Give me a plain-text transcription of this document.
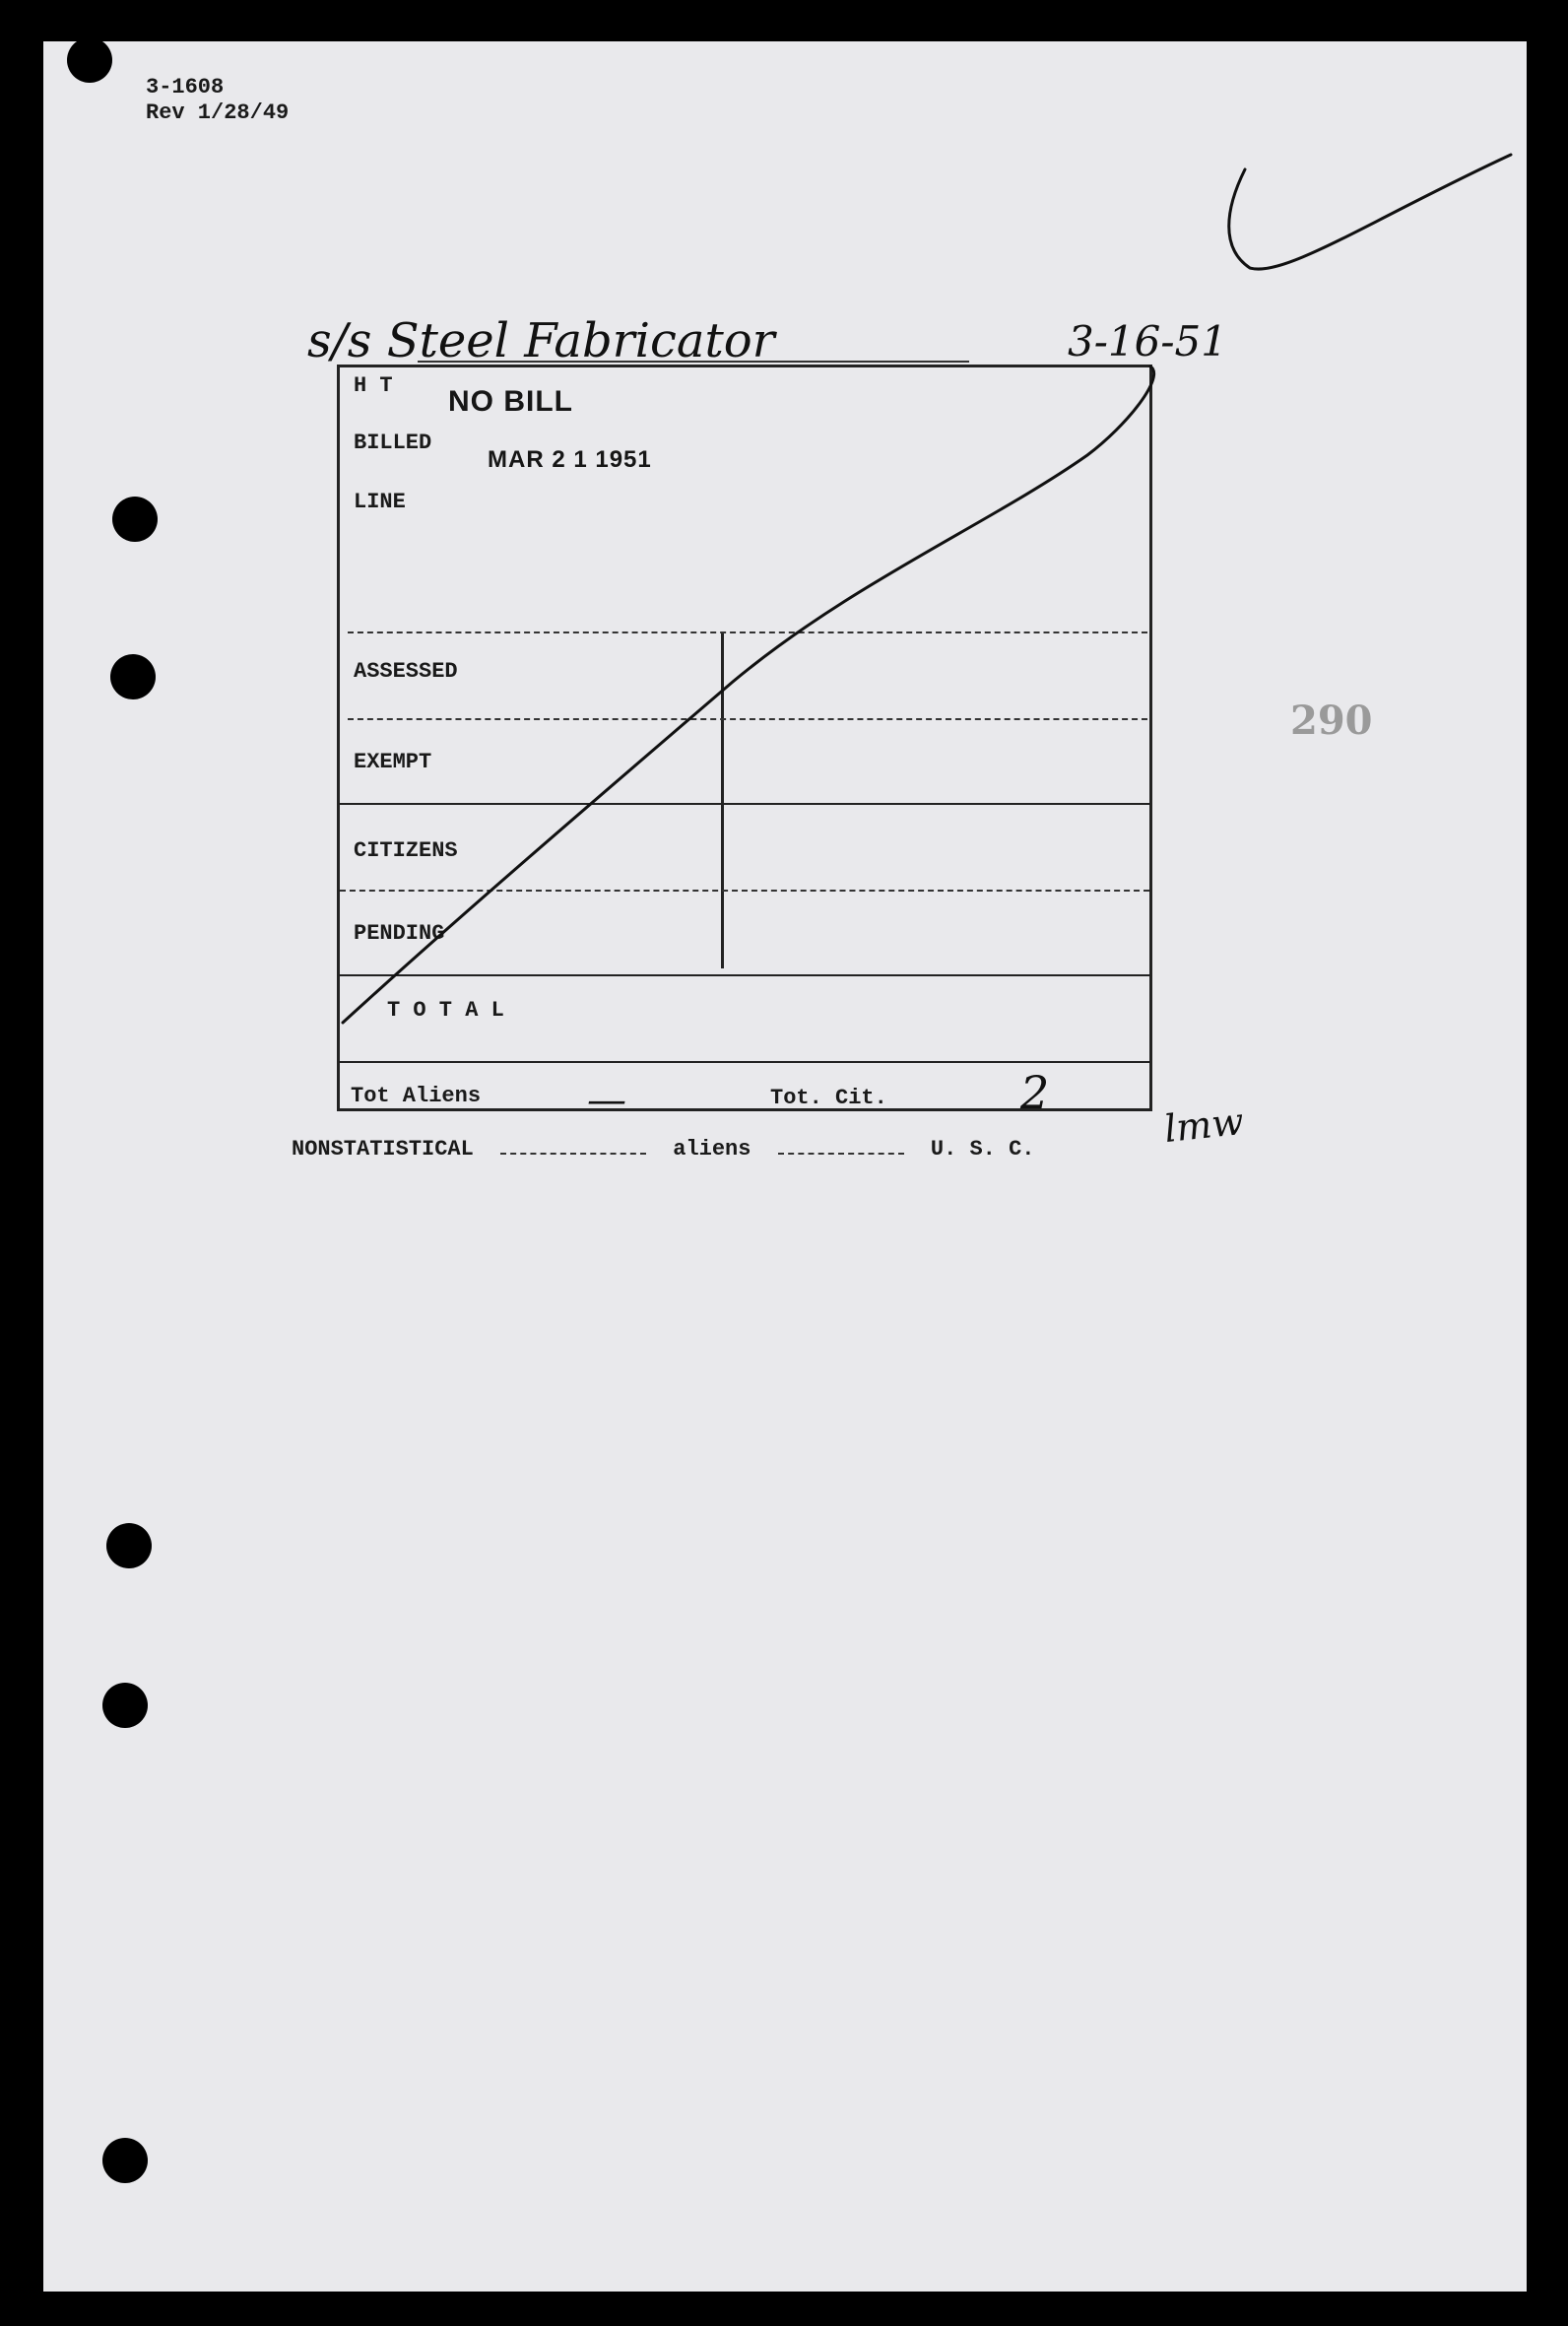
3-1608
Rev 1/28/49
s/s Steel Fabricator	3-16-51
H T NO BILL
BILLED
MAR 2 1 1951
LINE
ASSESSED
EXEMPT
CITIZENS
PENDING
T O T A L
Tot Aliens	—	Tot. Cit.	2
lmw
NONSTATISTICAL	aliens	U. S. C.
290
